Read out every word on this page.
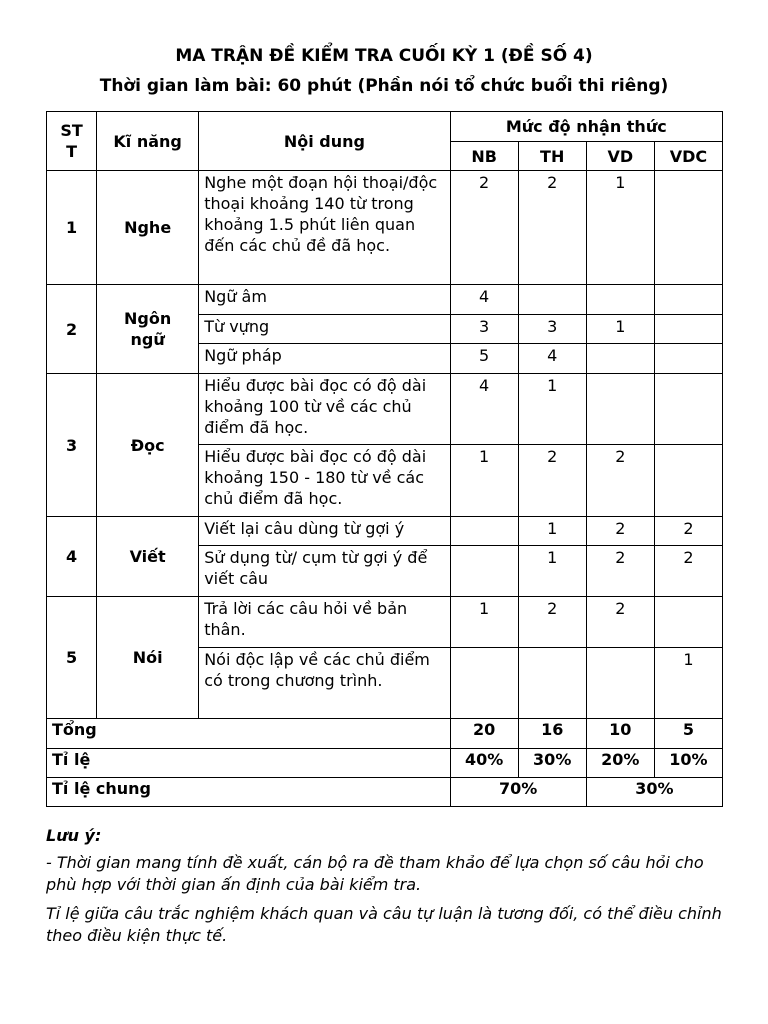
MA TRẬN ĐỀ KIỂM TRA CUỐI KỲ 1 (ĐỀ SỐ 4)
Thời gian làm bài: 60 phút (Phần nói tổ chức buổi thi riêng)
ST
T	Kĩ năng	Nội dung	Mức độ nhận thức			
			NB	TH	VD	VDC
1	Nghe	Nghe một đoạn hội thoại/độc thoại khoảng 140 từ trong khoảng 1.5 phút liên quan đến các chủ đề đã học.	2	2	1	
2	Ngôn ngữ	Ngữ âm	4			
		Từ vựng	3	3	1	
		Ngữ pháp	5	4		
3	Đọc	Hiểu được bài đọc có độ dài khoảng 100 từ về các chủ điểm đã học.	4	1		
		Hiểu được bài đọc có độ dài khoảng 150 - 180 từ về các chủ điểm đã học.	1	2	2	
4	Viết	Viết lại câu dùng từ gợi ý		1	2	2
		Sử dụng từ/ cụm từ gợi ý để viết câu		1	2	2
5	Nói	Trả lời các câu hỏi về bản thân.	1	2	2	
		Nói độc lập về các chủ điểm có trong chương trình.				1
Tổng			20	16	10	5
Tỉ lệ			40%	30%	20%	10%
Tỉ lệ chung			70%		30%	
Lưu ý:
- Thời gian mang tính đề xuất, cán bộ ra đề tham khảo để lựa chọn số câu hỏi cho phù hợp với thời gian ấn định của bài kiểm tra.
Tỉ lệ giữa câu trắc nghiệm khách quan và câu tự luận là tương đối, có thể điều chỉnh theo điều kiện thực tế.
